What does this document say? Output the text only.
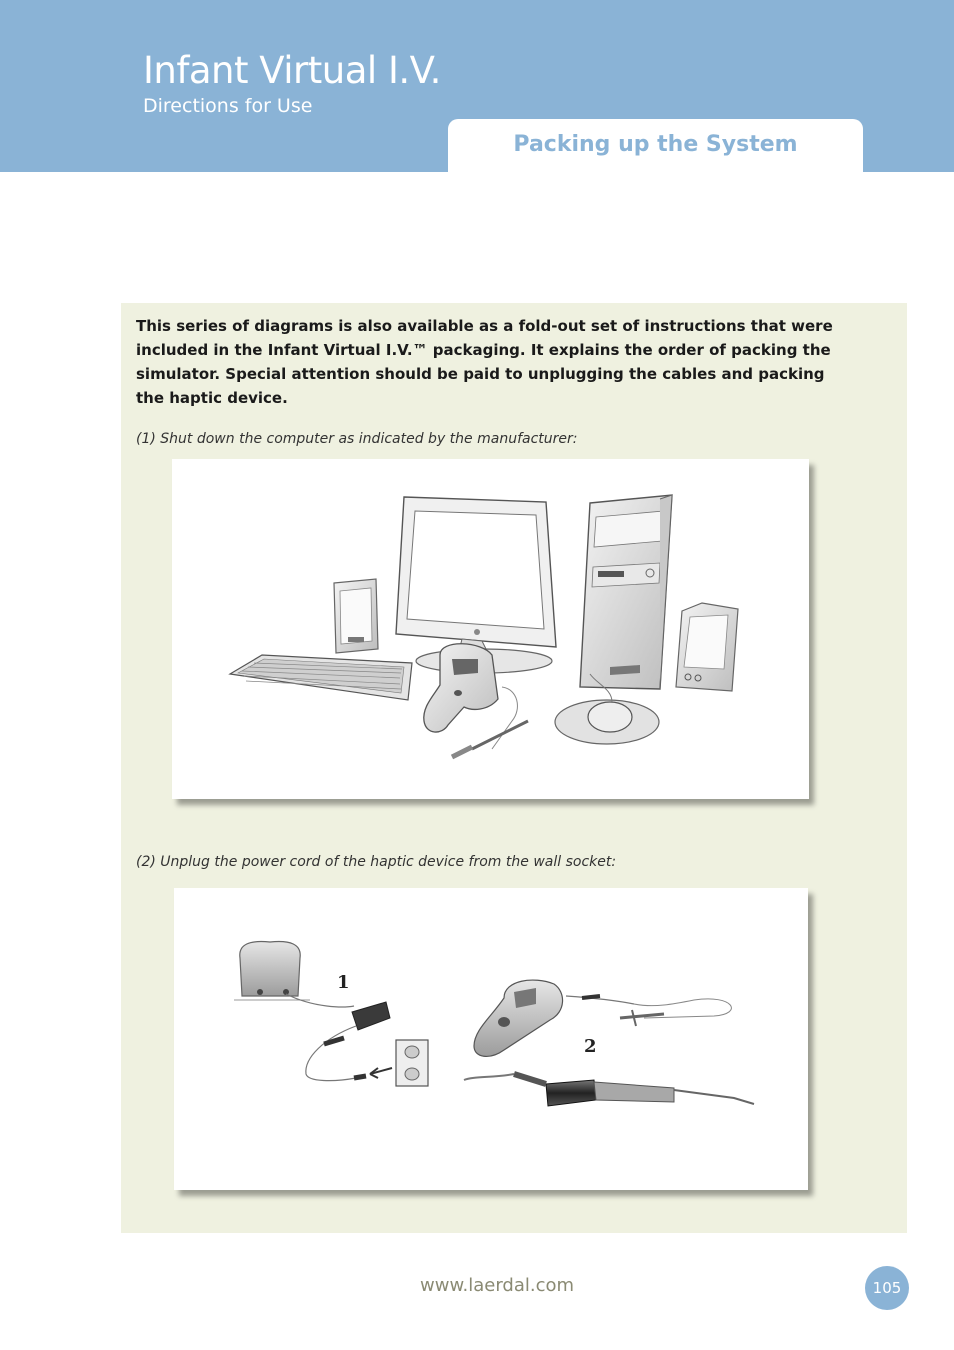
Infant Virtual I.V.
Directions for Use
Packing up the System
This series of diagrams is also available as a fold-out set of instructions that were included in the Infant Virtual I.V.™ packaging. It explains the order of packing the simulator. Special attention should be paid to unplugging the cables and packing the haptic device.
(1) Shut down the computer as indicated by the manufacturer:
(2) Unplug the power cord of the haptic device from the wall socket:
1
2
www.laerdal.com	105
